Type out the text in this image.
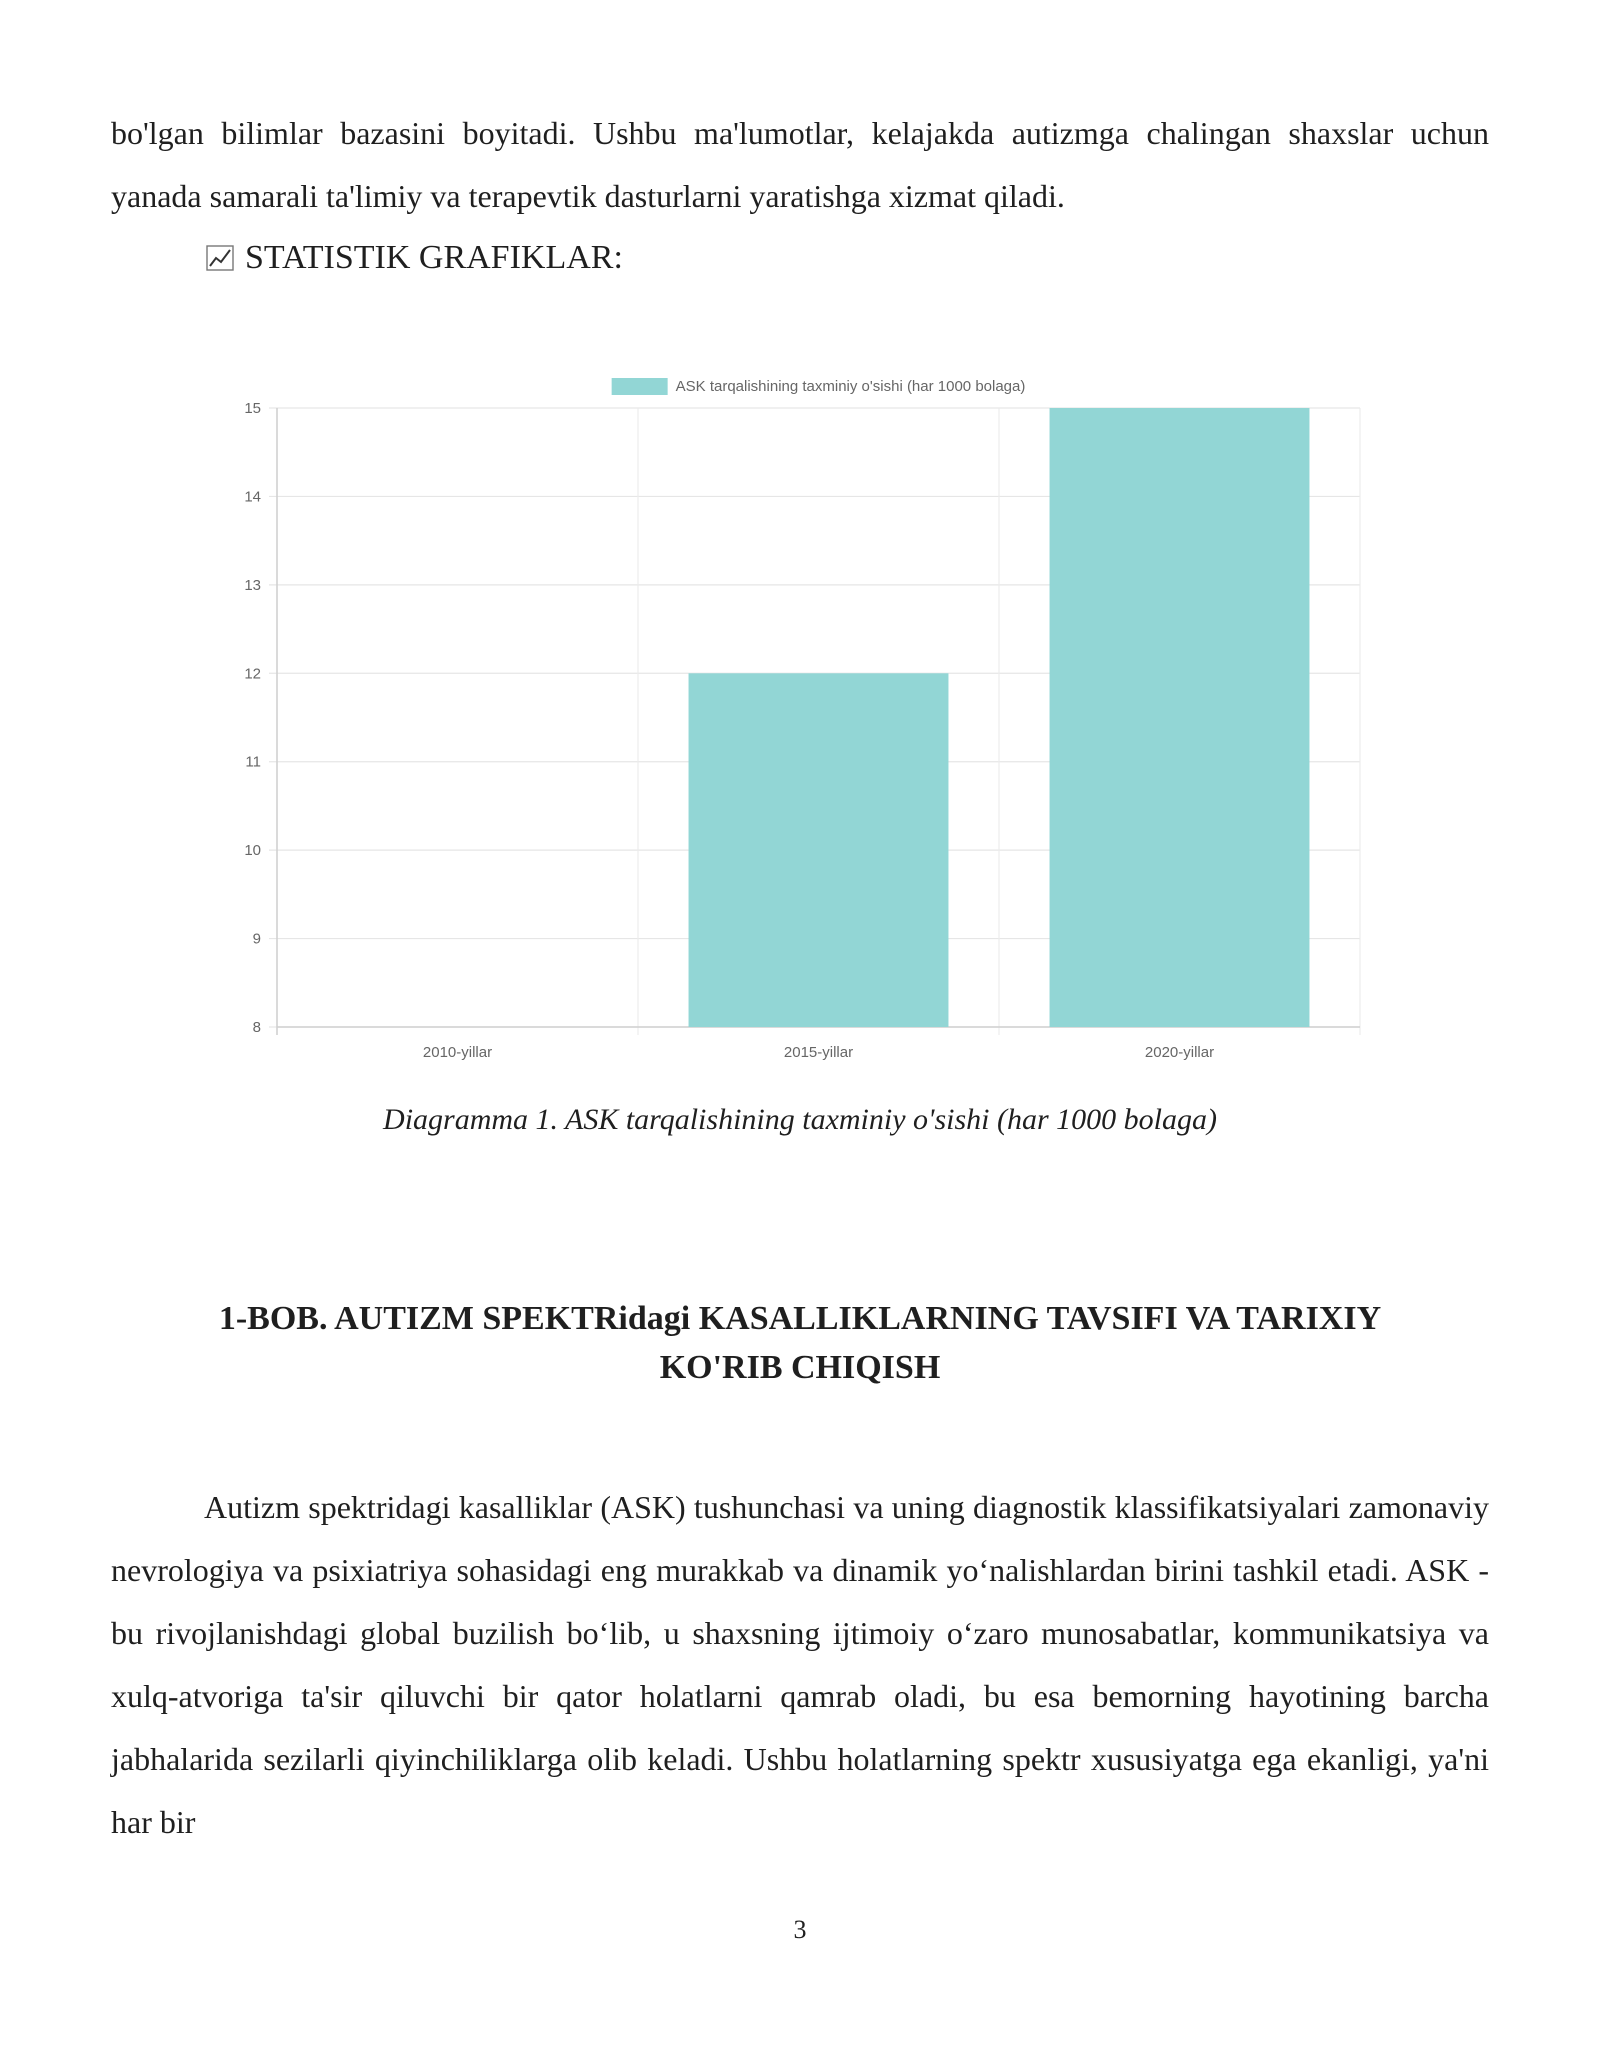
bo'lgan bilimlar bazasini boyitadi. Ushbu ma'lumotlar, kelajakda autizmga chalingan shaxslar uchun yanada samarali ta'limiy va terapevtik dasturlarni yaratishga xizmat qiladi.

STATISTIK GRAFIKLAR:
15
14
13
12
11
10
9
8
2010-yillar	2015-yillar	2020-yillar
ASK tarqalishining taxminiy o'sishi (har 1000 bolaga)

Diagramma 1. ASK tarqalishining taxminiy o'sishi (har 1000 bolaga)

1-BOB. AUTIZM SPEKTRidagi KASALLIKLARNING TAVSIFI VA TARIXIY
KO'RIB CHIQISH

Autizm spektridagi kasalliklar (ASK) tushunchasi va uning diagnostik klassifikatsiyalari zamonaviy nevrologiya va psixiatriya sohasidagi eng murakkab va dinamik yo‘nalishlardan birini tashkil etadi. ASK - bu rivojlanishdagi global buzilish bo‘lib, u shaxsning ijtimoiy o‘zaro munosabatlar, kommunikatsiya va xulq-atvoriga ta'sir qiluvchi bir qator holatlarni qamrab oladi, bu esa bemorning hayotining barcha jabhalarida sezilarli qiyinchiliklarga olib keladi. Ushbu holatlarning spektr xususiyatga ega ekanligi, ya'ni har bir

3
